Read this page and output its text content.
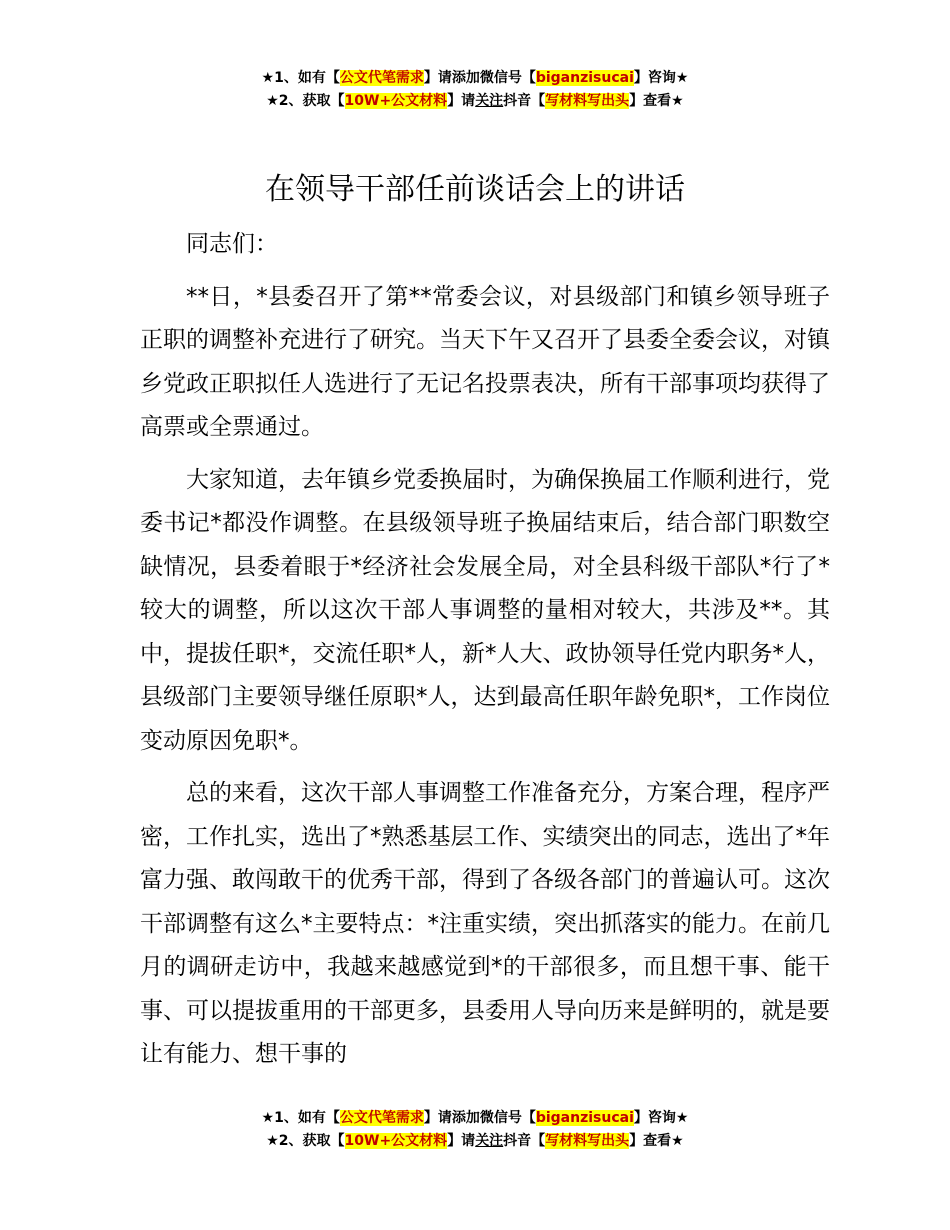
★1、如有【公文代笔需求】请添加微信号【biganzisucai】咨询★
★2、获取【10W+公文材料】请关注抖音【写材料写出头】查看★
在领导干部任前谈话会上的讲话

同志们：

**日，*县委召开了第**常委会议，对县级部门和镇乡领导班子正职的调整补充进行了研究。当天下午又召开了县委全委会议，对镇乡党政正职拟任人选进行了无记名投票表决，所有干部事项均获得了高票或全票通过。

大家知道，去年镇乡党委换届时，为确保换届工作顺利进行，党委书记*都没作调整。在县级领导班子换届结束后，结合部门职数空缺情况，县委着眼于*经济社会发展全局，对全县科级干部队*行了*较大的调整，所以这次干部人事调整的量相对较大，共涉及**。其中，提拔任职*，交流任职*人，新*人大、政协领导任党内职务*人，县级部门主要领导继任原职*人，达到最高任职年龄免职*，工作岗位变动原因免职*。

总的来看，这次干部人事调整工作准备充分，方案合理，程序严密，工作扎实，选出了*熟悉基层工作、实绩突出的同志，选出了*年富力强、敢闯敢干的优秀干部，得到了各级各部门的普遍认可。这次干部调整有这么*主要特点：*注重实绩，突出抓落实的能力。在前几月的调研走访中，我越来越感觉到*的干部很多，而且想干事、能干事、可以提拔重用的干部更多，县委用人导向历来是鲜明的，就是要让有能力、想干事的

★1、如有【公文代笔需求】请添加微信号【biganzisucai】咨询★
★2、获取【10W+公文材料】请关注抖音【写材料写出头】查看★
